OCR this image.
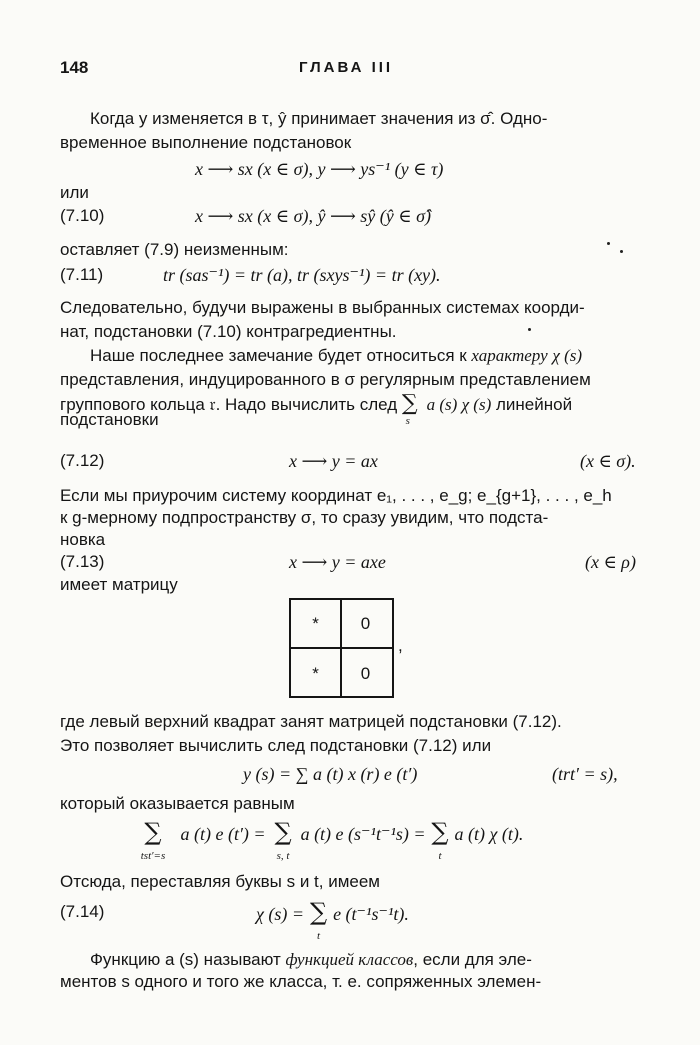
148	ГЛАВА III
Когда y изменяется в τ, ŷ принимает значения из σ̂. Одно-
временное выполнение подстановок
x ⟶ sx (x ∈ σ), y ⟶ ys⁻¹ (y ∈ τ)
или
(7.10)	x ⟶ sx (x ∈ σ), ŷ ⟶ sŷ (ŷ ∈ σ̂)
оставляет (7.9) неизменным:
(7.11)	tr (sas⁻¹) = tr (a), tr (sxys⁻¹) = tr (xy).
Следовательно, будучи выражены в выбранных системах коорди-
нат, подстановки (7.10) контрагредиентны.
Наше последнее замечание будет относиться к характеру χ (s)
представления, индуцированного в σ регулярным представлением
группового кольца 𝔯. Надо вычислить след $\sum_s$ a (s) χ (s) линейной
подстановки
(7.12)	x ⟶ y = ax	(x ∈ σ).
Если мы приурочим систему координат e₁, . . . , e_g; e_{g+1}, . . . , e_h
к g-мерному подпространству σ, то сразу увидим, что подста-
новка
(7.13)	x ⟶ y = axe	(x ∈ ρ)
имеет матрицу
*	0
*	0
,
где левый верхний квадрат занят матрицей подстановки (7.12).
Это позволяет вычислить след подстановки (7.12) или
y (s) = ∑ a (t) x (r) e (t′)	(trt′ = s),
который оказывается равным
∑
tst′=s
a (t) e (t′) = ∑
s, t
a (t) e (s⁻¹t⁻¹s) = ∑
t
a (t) χ (t).
Отсюда, переставляя буквы s и t, имеем
(7.14)	χ (s) = ∑
t
e (t⁻¹s⁻¹t).
Функцию a (s) называют функцией классов, если для эле-
ментов s одного и того же класса, т. е. сопряженных элемен-
